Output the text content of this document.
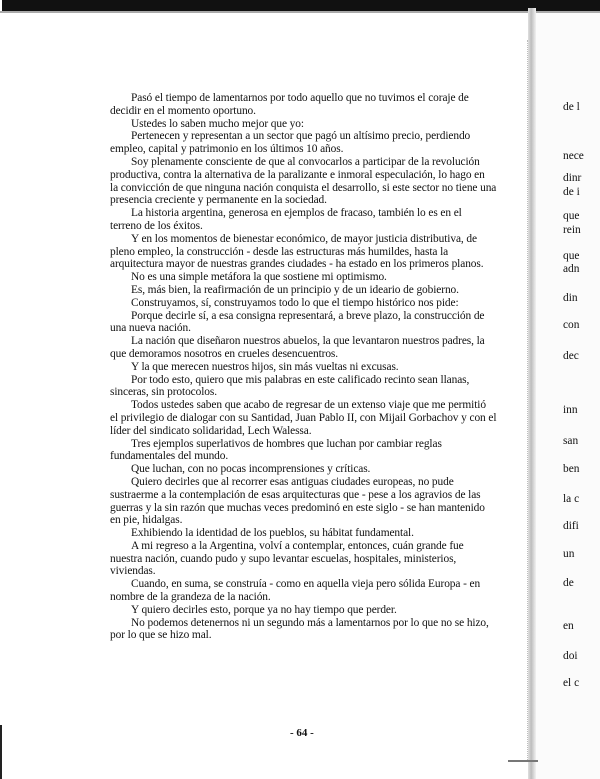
Pasó el tiempo de lamentarnos por todo aquello que no tuvimos el coraje de
decidir en el momento oportuno.
Ustedes lo saben mucho mejor que yo:
Pertenecen y representan a un sector que pagó un altísimo precio, perdiendo
empleo, capital y patrimonio en los últimos 10 años.
Soy plenamente consciente de que al convocarlos a participar de la revolución
productiva, contra la alternativa de la paralizante e inmoral especulación, lo hago en
la convicción de que ninguna nación conquista el desarrollo, si este sector no tiene una
presencia creciente y permanente en la sociedad.
La historia argentina, generosa en ejemplos de fracaso, también lo es en el
terreno de los éxitos.
Y en los momentos de bienestar económico, de mayor justicia distributiva, de
pleno empleo, la construcción - desde las estructuras más humildes, hasta la
arquitectura mayor de nuestras grandes ciudades - ha estado en los primeros planos.
No es una simple metáfora la que sostiene mi optimismo.
Es, más bien, la reafirmación de un principio y de un ideario de gobierno.
Construyamos, sí, construyamos todo lo que el tiempo histórico nos pide:
Porque decirle sí, a esa consigna representará, a breve plazo, la construcción de
una nueva nación.
La nación que diseñaron nuestros abuelos, la que levantaron nuestros padres, la
que demoramos nosotros en crueles desencuentros.
Y la que merecen nuestros hijos, sin más vueltas ni excusas.
Por todo esto, quiero que mis palabras en este calificado recinto sean llanas,
sinceras, sin protocolos.
Todos ustedes saben que acabo de regresar de un extenso viaje que me permitió
el privilegio de dialogar con su Santidad, Juan Pablo II, con Mijail Gorbachov y con el
líder del sindicato solidaridad, Lech Walessa.
Tres ejemplos superlativos de hombres que luchan por cambiar reglas
fundamentales del mundo.
Que luchan, con no pocas incomprensiones y críticas.
Quiero decirles que al recorrer esas antiguas ciudades europeas, no pude
sustraerme a la contemplación de esas arquitecturas que - pese a los agravios de las
guerras y la sin razón que muchas veces predominó en este siglo - se han mantenido
en pie, hidalgas.
Exhibiendo la identidad de los pueblos, su hábitat fundamental.
A mi regreso a la Argentina, volví a contemplar, entonces, cuán grande fue
nuestra nación, cuando pudo y supo levantar escuelas, hospitales, ministerios,
viviendas.
Cuando, en suma, se construía - como en aquella vieja pero sólida Europa - en
nombre de la grandeza de la nación.
Y quiero decirles esto, porque ya no hay tiempo que perder.
No podemos detenernos ni un segundo más a lamentarnos por lo que no se hizo,
por lo que se hizo mal.
- 64 -
de l
nece
dinr
de i
que
rein
que
adn
din
con
dec
inn
san
ben
la c
difi
un
de
en
doi
el c
